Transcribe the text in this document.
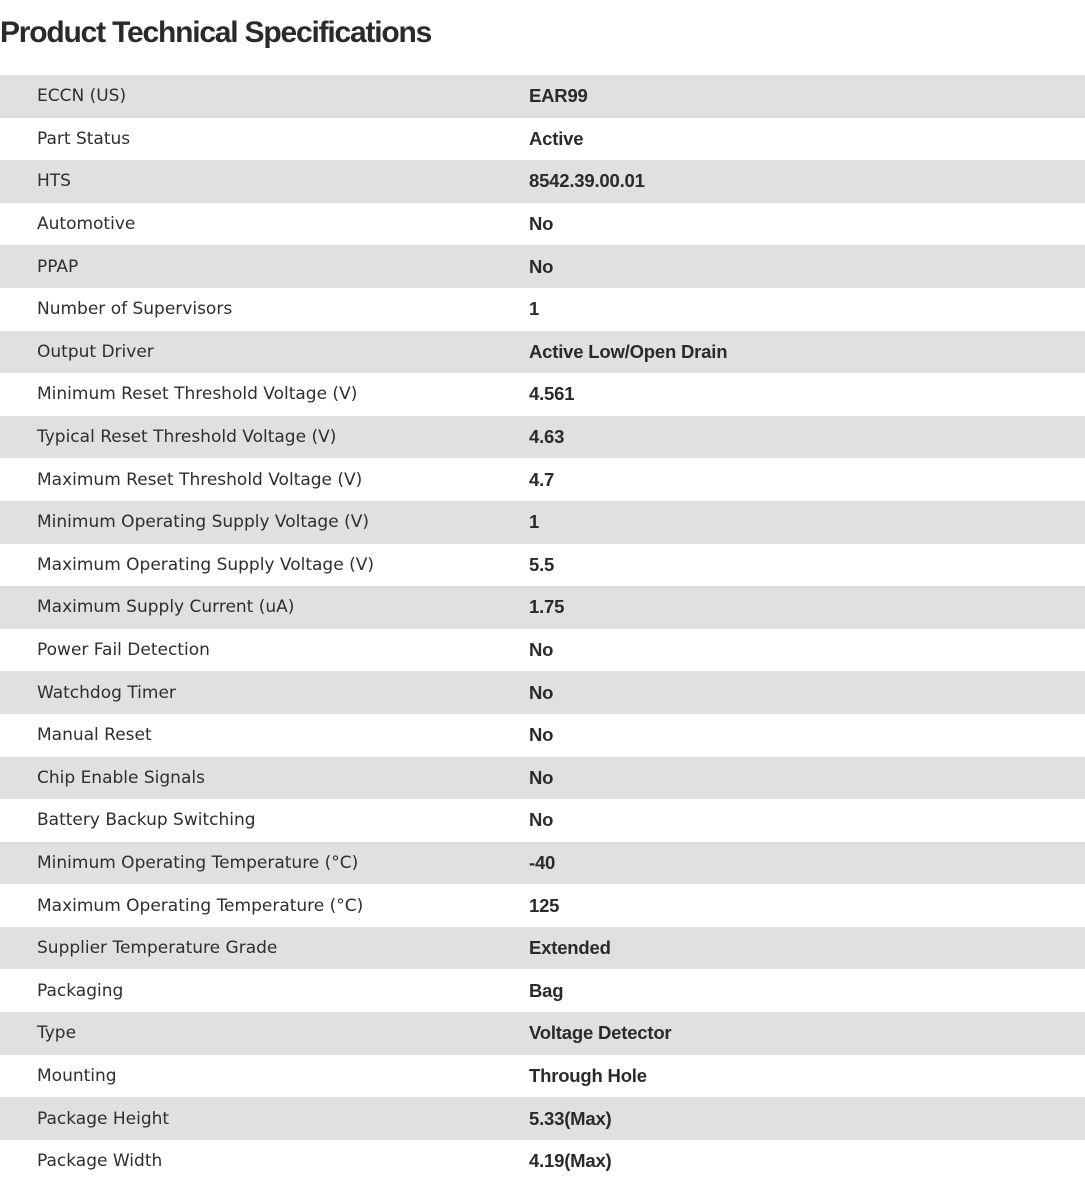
Product Technical Specifications
ECCN (US)	EAR99
Part Status	Active
HTS	8542.39.00.01
Automotive	No
PPAP	No
Number of Supervisors	1
Output Driver	Active Low/Open Drain
Minimum Reset Threshold Voltage (V)	4.561
Typical Reset Threshold Voltage (V)	4.63
Maximum Reset Threshold Voltage (V)	4.7
Minimum Operating Supply Voltage (V)	1
Maximum Operating Supply Voltage (V)	5.5
Maximum Supply Current (uA)	1.75
Power Fail Detection	No
Watchdog Timer	No
Manual Reset	No
Chip Enable Signals	No
Battery Backup Switching	No
Minimum Operating Temperature (°C)	-40
Maximum Operating Temperature (°C)	125
Supplier Temperature Grade	Extended
Packaging	Bag
Type	Voltage Detector
Mounting	Through Hole
Package Height	5.33(Max)
Package Width	4.19(Max)
